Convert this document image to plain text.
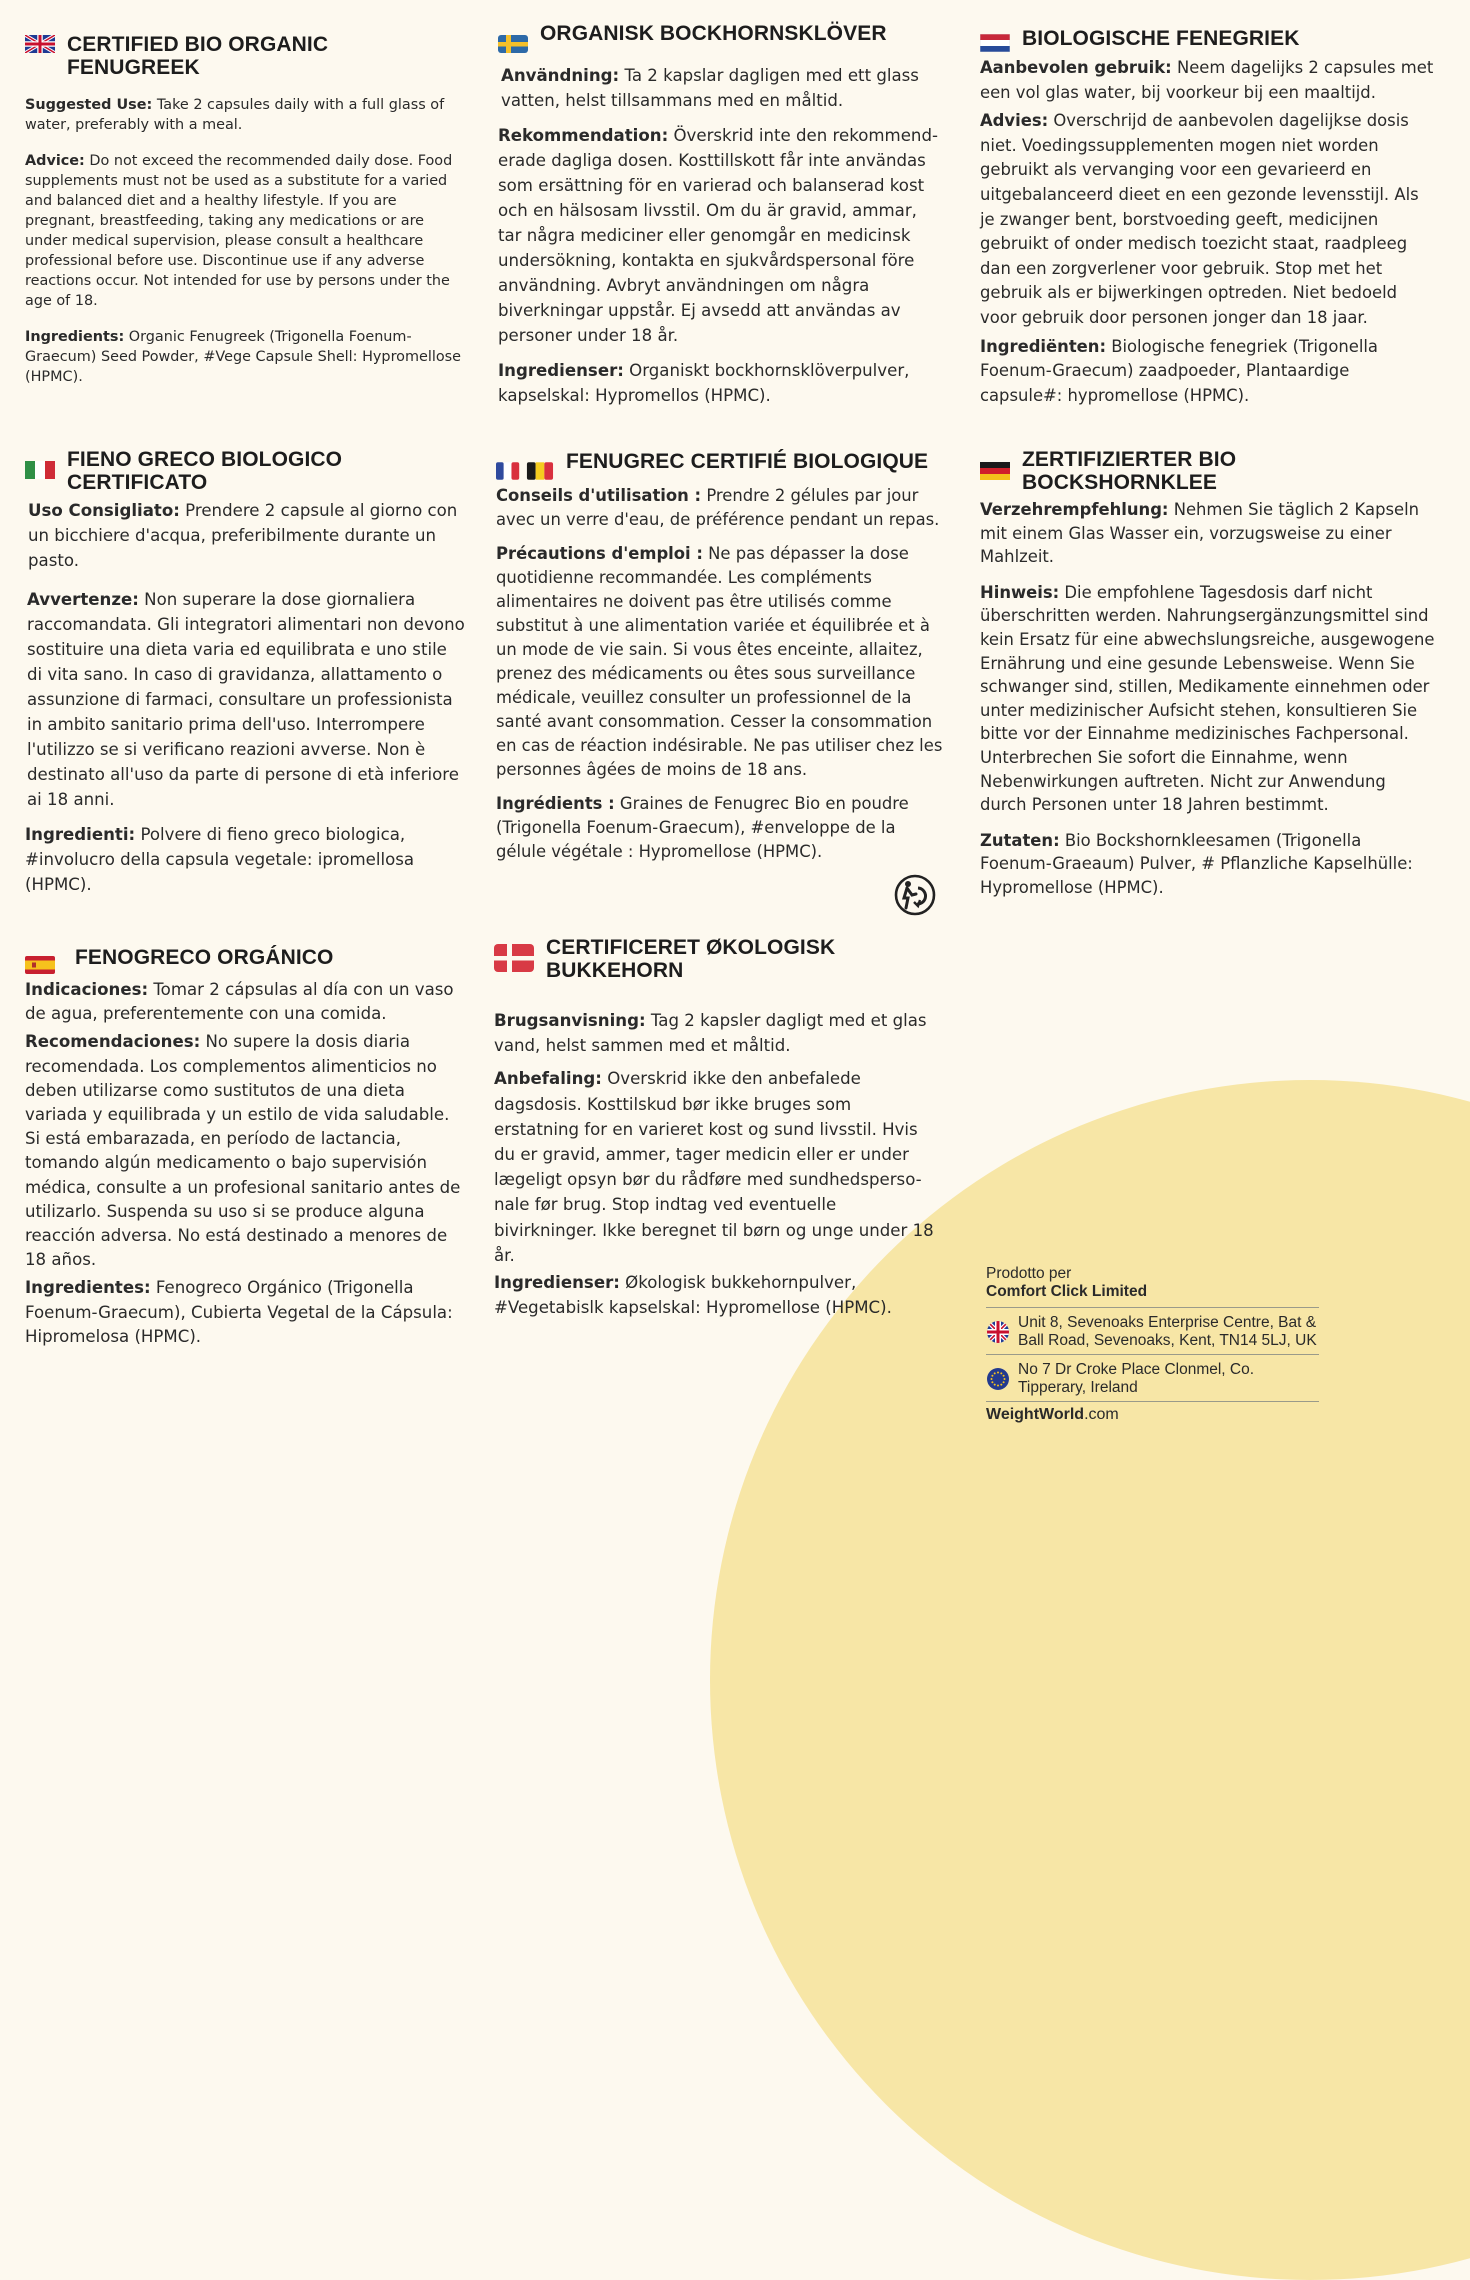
CERTIFIED BIO ORGANIC FENUGREEK

Suggested Use: Take 2 capsules daily with a full glass of water, preferably with a meal.

Advice: Do not exceed the recommended daily dose. Food supplements must not be used as a substitute for a varied and balanced diet and a healthy lifestyle. If you are pregnant, breastfeeding, taking any medications or are under medical supervision, please consult a healthcare professional before use. Discontinue use if any adverse reactions occur. Not intended for use by persons under the age of 18.

Ingredients: Organic Fenugreek (Trigonella Foenum-Graecum) Seed Powder, #Vege Capsule Shell: Hypromellose (HPMC).

ORGANISK BOCKHORNSKLÖVER

Användning: Ta 2 kapslar dagligen med ett glass vatten, helst tillsammans med en måltid.

Rekommendation: Överskrid inte den rekommend-erade dagliga dosen. Kosttillskott får inte användas som ersättning för en varierad och balanserad kost och en hälsosam livsstil. Om du är gravid, ammar, tar några mediciner eller genomgår en medicinsk undersökning, kontakta en sjukvårdspersonal före användning. Avbryt användningen om några biverkningar uppstår. Ej avsedd att användas av personer under 18 år.

Ingredienser: Organiskt bockhornsklöverpulver, kapselskal: Hypromellos (HPMC).

BIOLOGISCHE FENEGRIEK

Aanbevolen gebruik: Neem dagelijks 2 capsules met een vol glas water, bij voorkeur bij een maaltijd.

Advies: Overschrijd de aanbevolen dagelijkse dosis niet. Voedingssupplementen mogen niet worden gebruikt als vervanging voor een gevarieerd en uitgebalanceerd dieet en een gezonde levensstijl. Als je zwanger bent, borstvoeding geeft, medicijnen gebruikt of onder medisch toezicht staat, raadpleeg dan een zorgverlener voor gebruik. Stop met het gebruik als er bijwerkingen optreden. Niet bedoeld voor gebruik door personen jonger dan 18 jaar.

Ingrediënten: Biologische fenegriek (Trigonella Foenum-Graecum) zaadpoeder, Plantaardige capsule#: hypromellose (HPMC).

FIENO GRECO BIOLOGICO CERTIFICATO

Uso Consigliato: Prendere 2 capsule al giorno con un bicchiere d'acqua, preferibilmente durante un pasto.

Avvertenze: Non superare la dose giornaliera raccomandata. Gli integratori alimentari non devono sostituire una dieta varia ed equilibrata e uno stile di vita sano. In caso di gravidanza, allattamento o assunzione di farmaci, consultare un professionista in ambito sanitario prima dell'uso. Interrompere l'utilizzo se si verificano reazioni avverse. Non è destinato all'uso da parte di persone di età inferiore ai 18 anni.

Ingredienti: Polvere di fieno greco biologica, #involucro della capsula vegetale: ipromellosa (HPMC).

FENUGREC CERTIFIÉ BIOLOGIQUE

Conseils d'utilisation : Prendre 2 gélules par jour avec un verre d'eau, de préférence pendant un repas.

Précautions d'emploi : Ne pas dépasser la dose quotidienne recommandée. Les compléments alimentaires ne doivent pas être utilisés comme substitut à une alimentation variée et équilibrée et à un mode de vie sain. Si vous êtes enceinte, allaitez, prenez des médicaments ou êtes sous surveillance médicale, veuillez consulter un professionnel de la santé avant consommation. Cesser la consommation en cas de réaction indésirable. Ne pas utiliser chez les personnes âgées de moins de 18 ans.

Ingrédients : Graines de Fenugrec Bio en poudre (Trigonella Foenum-Graecum), #enveloppe de la gélule végétale : Hypromellose (HPMC).

ZERTIFIZIERTER BIO BOCKSHORNKLEE

Verzehrempfehlung: Nehmen Sie täglich 2 Kapseln mit einem Glas Wasser ein, vorzugsweise zu einer Mahlzeit.

Hinweis: Die empfohlene Tagesdosis darf nicht überschritten werden. Nahrungsergänzungsmittel sind kein Ersatz für eine abwechslungsreiche, ausgewogene Ernährung und eine gesunde Lebensweise. Wenn Sie schwanger sind, stillen, Medikamente einnehmen oder unter medizinischer Aufsicht stehen, konsultieren Sie bitte vor der Einnahme medizinisches Fachpersonal. Unterbrechen Sie sofort die Einnahme, wenn Nebenwirkungen auftreten. Nicht zur Anwendung durch Personen unter 18 Jahren bestimmt.

Zutaten: Bio Bockshornkleesamen (Trigonella Foenum-Graeaum) Pulver, # Pflanzliche Kapselhülle: Hypromellose (HPMC).

FENOGRECO ORGÁNICO

Indicaciones: Tomar 2 cápsulas al día con un vaso de agua, preferentemente con una comida.

Recomendaciones: No supere la dosis diaria recomendada. Los complementos alimenticios no deben utilizarse como sustitutos de una dieta variada y equilibrada y un estilo de vida saludable. Si está embarazada, en período de lactancia, tomando algún medicamento o bajo supervisión médica, consulte a un profesional sanitario antes de utilizarlo. Suspenda su uso si se produce alguna reacción adversa. No está destinado a menores de 18 años.

Ingredientes: Fenogreco Orgánico (Trigonella Foenum-Graecum), Cubierta Vegetal de la Cápsula: Hipromelosa (HPMC).

CERTIFICERET ØKOLOGISK BUKKEHORN

Brugsanvisning: Tag 2 kapsler dagligt med et glas vand, helst sammen med et måltid.

Anbefaling: Overskrid ikke den anbefalede dagsdosis. Kosttilskud bør ikke bruges som erstatning for en varieret kost og sund livsstil. Hvis du er gravid, ammer, tager medicin eller er under lægeligt opsyn bør du rådføre med sundhedsperso-nale før brug. Stop indtag ved eventuelle bivirkninger. Ikke beregnet til børn og unge under 18 år.

Ingredienser: Økologisk bukkehornpulver, #Vegetabislk kapselskal: Hypromellose (HPMC).

Prodotto per
Comfort Click Limited
Unit 8, Sevenoaks Enterprise Centre, Bat & Ball Road, Sevenoaks, Kent, TN14 5LJ, UK
No 7 Dr Croke Place Clonmel, Co. Tipperary, Ireland
WeightWorld.com
